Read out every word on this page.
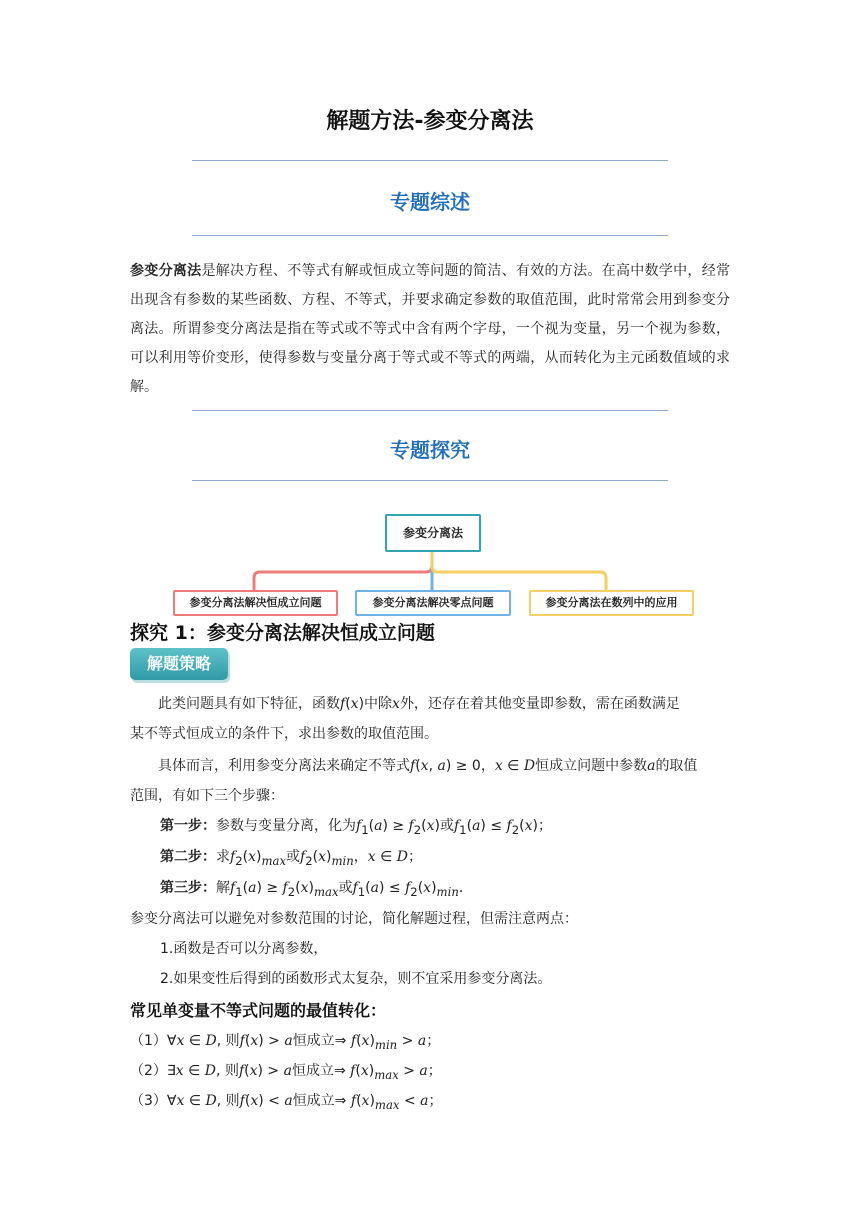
解题方法-参变分离法
专题综述
参变分离法是解决方程、不等式有解或恒成立等问题的简洁、有效的方法。在高中数学中，经常出现含有参数的某些函数、方程、不等式，并要求确定参数的取值范围，此时常常会用到参变分离法。所谓参变分离法是指在等式或不等式中含有两个字母，一个视为变量，另一个视为参数，可以利用等价变形，使得参数与变量分离于等式或不等式的两端，从而转化为主元函数值域的求解。
专题探究
参变分离法
参变分离法解决恒成立问题	参变分离法解决零点问题	参变分离法在数列中的应用
探究 1：参变分离法解决恒成立问题
解题策略
此类问题具有如下特征，函数f(x)中除x外，还存在着其他变量即参数，需在函数满足
某不等式恒成立的条件下，求出参数的取值范围。
具体而言，利用参变分离法来确定不等式f(x, a) ≥ 0，x ∈ D恒成立问题中参数a的取值
范围，有如下三个步骤：
第一步：参数与变量分离，化为$f_1(a) \ge f_2(x)$或$f_1(a) \le f_2(x)$；
第二步：求$f_2(x)_{max}$或$f_2(x)_{min}$，x ∈ D；
第三步：解$f_1(a) \ge f_2(x)_{max}$或$f_1(a) \le f_2(x)_{min}$.
参变分离法可以避免对参数范围的讨论，简化解题过程，但需注意两点：
1.函数是否可以分离参数，
2.如果变性后得到的函数形式太复杂，则不宜采用参变分离法。
常见单变量不等式问题的最值转化：
（1）∀x ∈ D, 则f(x) > a恒成立⇒ $f(x)_{min} > a$；
（2）∃x ∈ D, 则f(x) > a恒成立⇒ $f(x)_{max} > a$；
（3）∀x ∈ D, 则f(x) < a恒成立⇒ $f(x)_{max} < a$；
